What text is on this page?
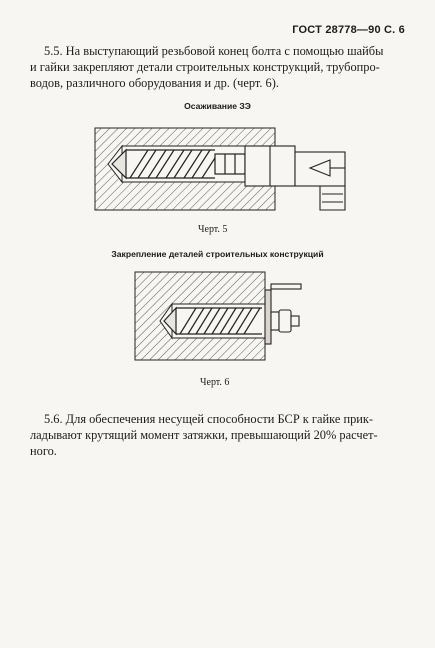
ГОСТ 28778—90 С. 6
5.5. На выступающий резьбовой конец болта с помощью шайбы
и гайки закрепляют детали строительных конструкций, трубопро-
водов, различного оборудования и др. (черт. 6).
Осаживание ЗЭ
Черт. 5
Закрепление деталей строительных конструкций
Черт. 6
5.6. Для обеспечения несущей способности БСР к гайке прик-
ладывают крутящий момент затяжки, превышающий 20% расчет-
ного.
